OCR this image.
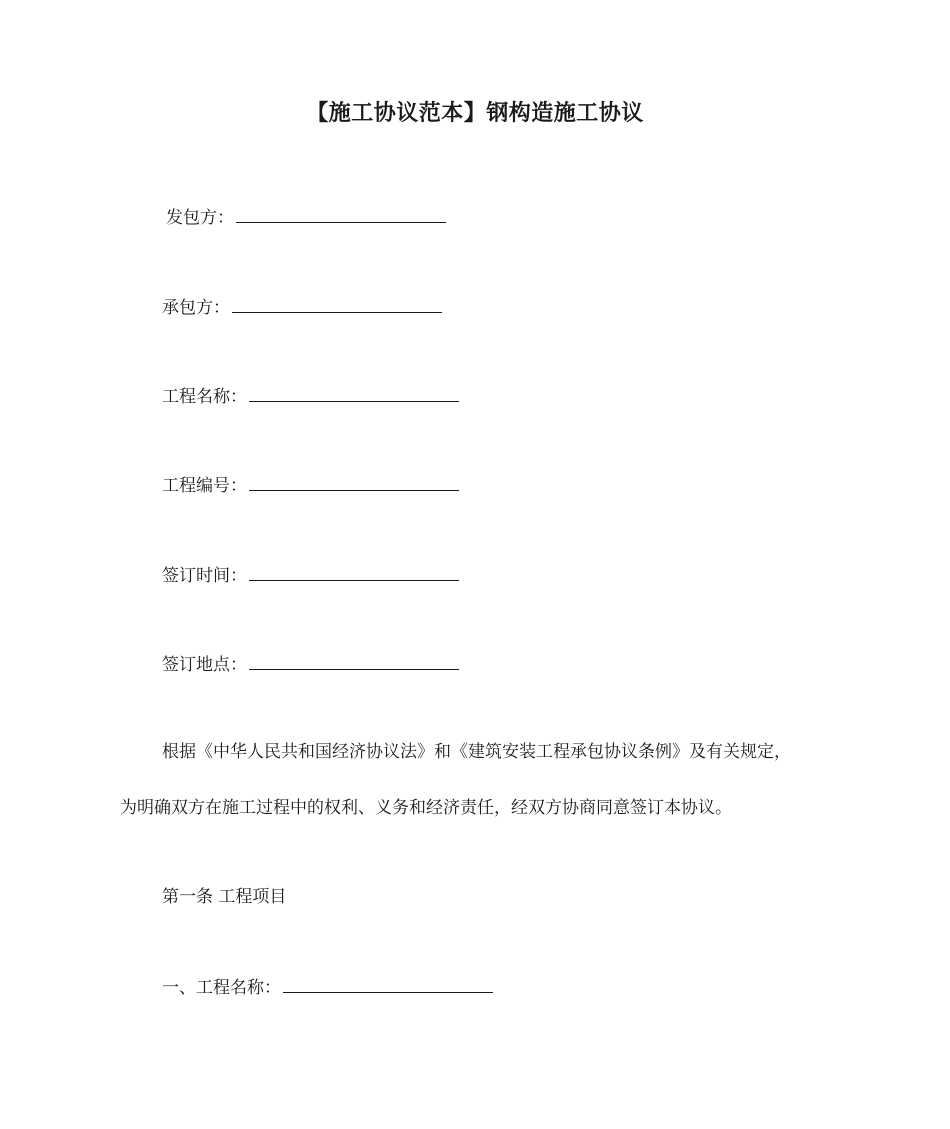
【施工协议范本】钢构造施工协议
发包方：
承包方：
工程名称：
工程编号：
签订时间：
签订地点：
根据《中华人民共和国经济协议法》和《建筑安装工程承包协议条例》及有关规定，
为明确双方在施工过程中的权利、义务和经济责任，经双方协商同意签订本协议。
第一条 工程项目
一、工程名称：
